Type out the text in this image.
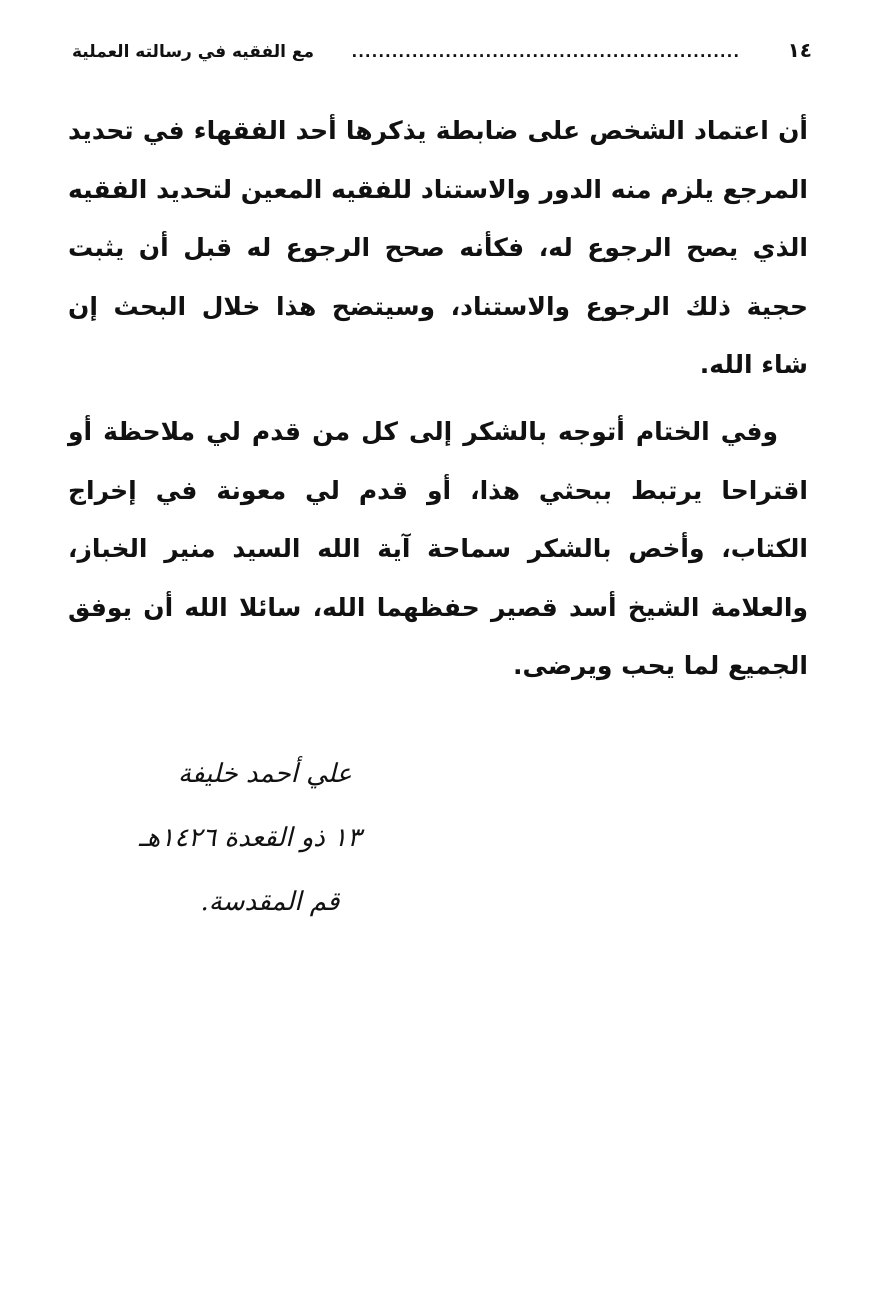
١٤
..........................................................
مع الفقيه في رسالته العملية

أن اعتماد الشخص على ضابطة يذكرها أحد الفقهاء في تحديد المرجع يلزم منه الدور والاستناد للفقيه المعين لتحديد الفقيه الذي يصح الرجوع له، فكأنه صحح الرجوع له قبل أن يثبت حجية ذلك الرجوع والاستناد، وسيتضح هذا خلال البحث إن شاء الله.

وفي الختام أتوجه بالشكر إلى كل من قدم لي ملاحظة أو اقتراحا يرتبط ببحثي هذا، أو قدم لي معونة في إخراج الكتاب، وأخص بالشكر سماحة آية الله السيد منير الخباز، والعلامة الشيخ أسد قصير حفظهما الله، سائلا الله أن يوفق الجميع لما يحب ويرضى.

علي أحمد خليفة
١٣ ذو القعدة ١٤٢٦هـ
قم المقدسة.
